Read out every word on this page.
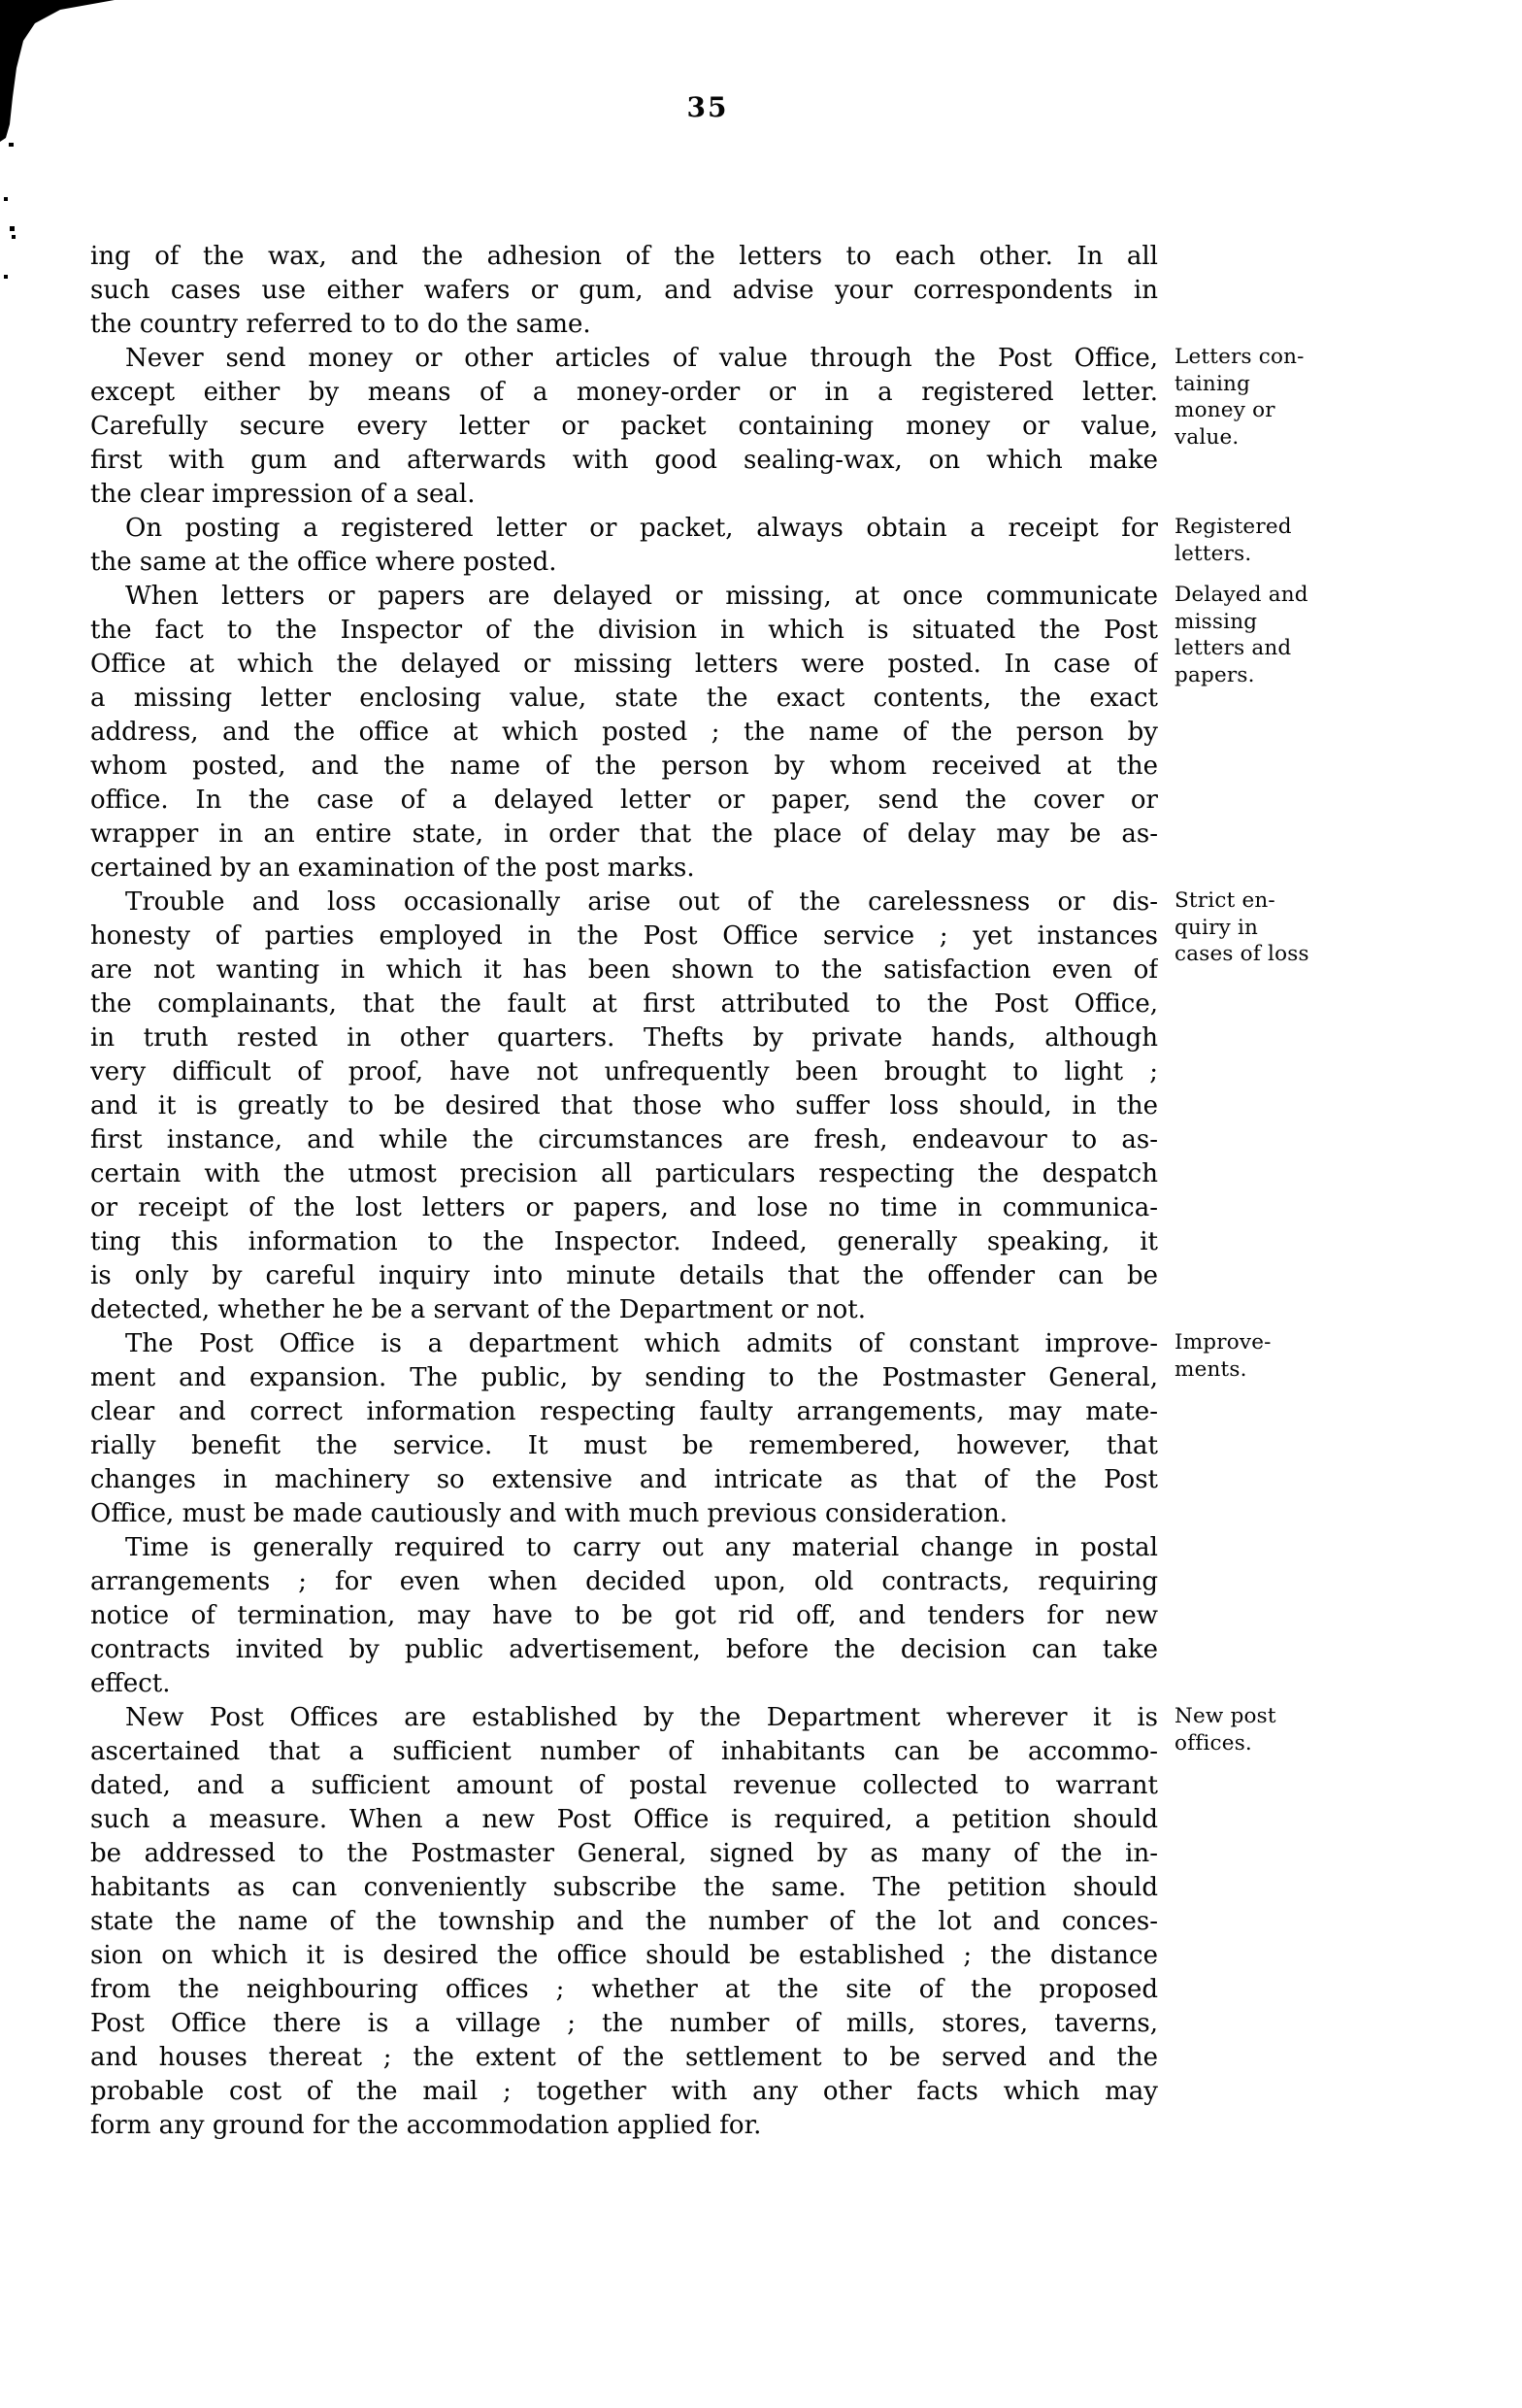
35
ing of the wax, and the adhesion of the letters to each other. In all
such cases use either wafers or gum, and advise your correspondents in
the country referred to to do the same.
Never send money or other articles of value through the Post Office,
except either by means of a money-order or in a registered letter.
Carefully secure every letter or packet containing money or value,
first with gum and afterwards with good sealing-wax, on which make
the clear impression of a seal.
Letters con-
taining
money or
value.
On posting a registered letter or packet, always obtain a receipt for
the same at the office where posted.
Registered
letters.
When letters or papers are delayed or missing, at once communicate
the fact to the Inspector of the division in which is situated the Post
Office at which the delayed or missing letters were posted. In case of
a missing letter enclosing value, state the exact contents, the exact
address, and the office at which posted ; the name of the person by
whom posted, and the name of the person by whom received at the
office. In the case of a delayed letter or paper, send the cover or
wrapper in an entire state, in order that the place of delay may be as-
certained by an examination of the post marks.
Delayed and
missing
letters and
papers.
Trouble and loss occasionally arise out of the carelessness or dis-
honesty of parties employed in the Post Office service ; yet instances
are not wanting in which it has been shown to the satisfaction even of
the complainants, that the fault at first attributed to the Post Office,
in truth rested in other quarters. Thefts by private hands, although
very difficult of proof, have not unfrequently been brought to light ;
and it is greatly to be desired that those who suffer loss should, in the
first instance, and while the circumstances are fresh, endeavour to as-
certain with the utmost precision all particulars respecting the despatch
or receipt of the lost letters or papers, and lose no time in communica-
ting this information to the Inspector. Indeed, generally speaking, it
is only by careful inquiry into minute details that the offender can be
detected, whether he be a servant of the Department or not.
Strict en-
quiry in
cases of loss
The Post Office is a department which admits of constant improve-
ment and expansion. The public, by sending to the Postmaster General,
clear and correct information respecting faulty arrangements, may mate-
rially benefit the service. It must be remembered, however, that
changes in machinery so extensive and intricate as that of the Post
Office, must be made cautiously and with much previous consideration.
Improve-
ments.
Time is generally required to carry out any material change in postal
arrangements ; for even when decided upon, old contracts, requiring
notice of termination, may have to be got rid off, and tenders for new
contracts invited by public advertisement, before the decision can take
effect.
New Post Offices are established by the Department wherever it is
ascertained that a sufficient number of inhabitants can be accommo-
dated, and a sufficient amount of postal revenue collected to warrant
such a measure. When a new Post Office is required, a petition should
be addressed to the Postmaster General, signed by as many of the in-
habitants as can conveniently subscribe the same. The petition should
state the name of the township and the number of the lot and conces-
sion on which it is desired the office should be established ; the distance
from the neighbouring offices ; whether at the site of the proposed
Post Office there is a village ; the number of mills, stores, taverns,
and houses thereat ; the extent of the settlement to be served and the
probable cost of the mail ; together with any other facts which may
form any ground for the accommodation applied for.
New post
offices.
